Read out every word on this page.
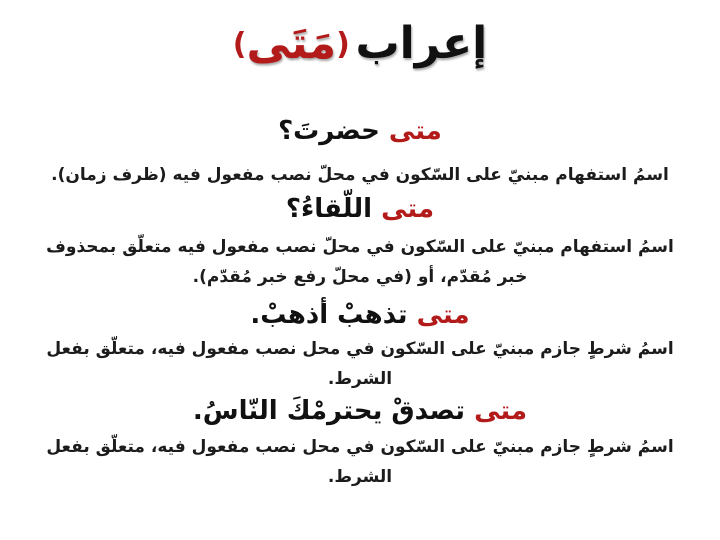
إعراب (مَتَى)
متى حضرتَ؟
اسمُ استفهام مبنيّ على السّكون في محلّ نصب مفعول فيه (ظرف زمان).
متى اللّقاءُ؟
اسمُ استفهام مبنيّ على السّكون في محلّ نصب مفعول فيه متعلّق بمحذوف خبر مُقدّم، أو (في محلّ رفع خبر مُقدّم).
متى تذهبْ أذهبْ.
اسمُ شرطٍ جازم مبنيّ على السّكون في محل نصب مفعول فيه، متعلّق بفعل الشرط.
متى تصدقْ يحترمْكَ النّاسُ.
اسمُ شرطٍ جازم مبنيّ على السّكون في محل نصب مفعول فيه، متعلّق بفعل الشرط.
